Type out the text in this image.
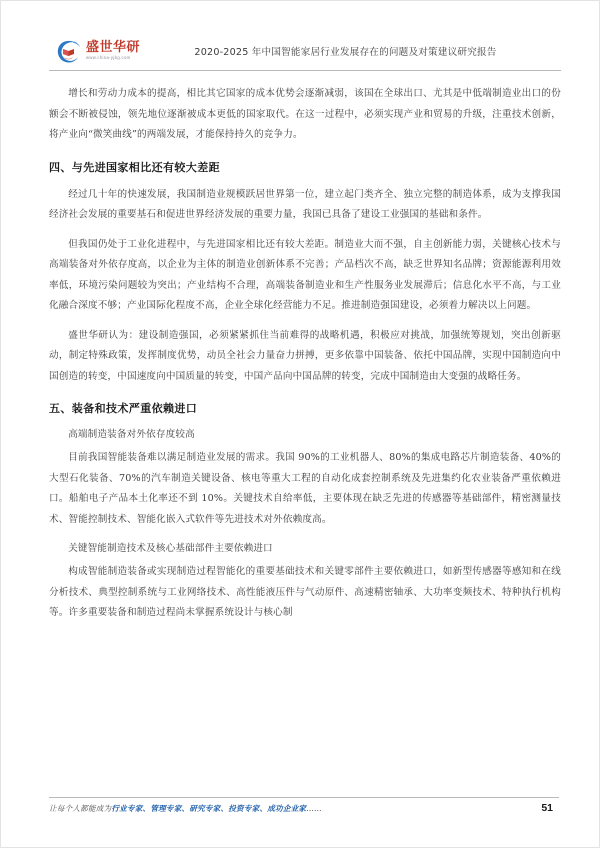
盛世华研
www.china-yjbg.com	2020-2025 年中国智能家居行业发展存在的问题及对策建议研究报告

增长和劳动力成本的提高，相比其它国家的成本优势会逐渐减弱，该国在全球出口、尤其是中低端制造业出口的份额会不断被侵蚀，领先地位逐渐被成本更低的国家取代。在这一过程中，必须实现产业和贸易的升级，注重技术创新，将产业向“微笑曲线”的两端发展，才能保持持久的竞争力。

四、与先进国家相比还有较大差距

经过几十年的快速发展，我国制造业规模跃居世界第一位，建立起门类齐全、独立完整的制造体系，成为支撑我国经济社会发展的重要基石和促进世界经济发展的重要力量，我国已具备了建设工业强国的基础和条件。

但我国仍处于工业化进程中，与先进国家相比还有较大差距。制造业大而不强，自主创新能力弱，关键核心技术与高端装备对外依存度高，以企业为主体的制造业创新体系不完善；产品档次不高，缺乏世界知名品牌；资源能源利用效率低，环境污染问题较为突出；产业结构不合理，高端装备制造业和生产性服务业发展滞后；信息化水平不高，与工业化融合深度不够；产业国际化程度不高，企业全球化经营能力不足。推进制造强国建设，必须着力解决以上问题。

盛世华研认为：建设制造强国，必须紧紧抓住当前难得的战略机遇，积极应对挑战，加强统筹规划，突出创新驱动，制定特殊政策，发挥制度优势，动员全社会力量奋力拼搏，更多依靠中国装备、依托中国品牌，实现中国制造向中国创造的转变，中国速度向中国质量的转变，中国产品向中国品牌的转变，完成中国制造由大变强的战略任务。

五、装备和技术严重依赖进口
高端制造装备对外依存度较高

目前我国智能装备难以满足制造业发展的需求。我国 90%的工业机器人、80%的集成电路芯片制造装备、40%的大型石化装备、70%的汽车制造关键设备、核电等重大工程的自动化成套控制系统及先进集约化农业装备严重依赖进口。船舶电子产品本土化率还不到 10%。关键技术自给率低，主要体现在缺乏先进的传感器等基础部件，精密测量技术、智能控制技术、智能化嵌入式软件等先进技术对外依赖度高。

关键智能制造技术及核心基础部件主要依赖进口

构成智能制造装备或实现制造过程智能化的重要基础技术和关键零部件主要依赖进口，如新型传感器等感知和在线分析技术、典型控制系统与工业网络技术、高性能液压件与气动原件、高速精密轴承、大功率变频技术、特种执行机构等。许多重要装备和制造过程尚未掌握系统设计与核心制

让每个人都能成为行业专家、管理专家、研究专家、投资专家、成功企业家……	51
